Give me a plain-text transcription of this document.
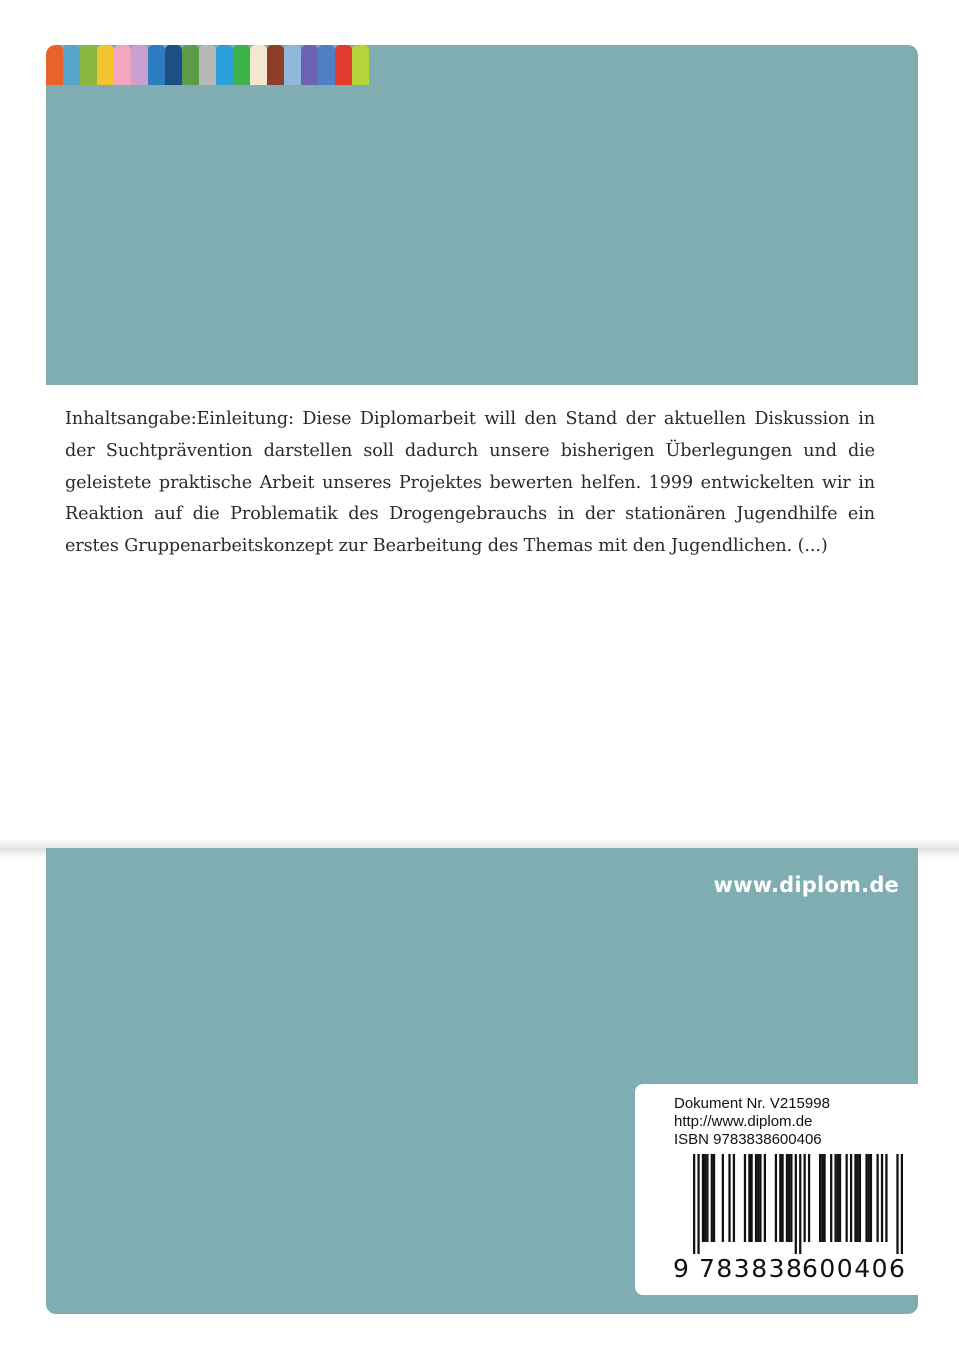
Inhaltsangabe:Einleitung: Diese Diplomarbeit will den Stand der aktuellen Diskussion in der Suchtprävention darstellen soll dadurch unsere bisherigen Überlegungen und die geleistete praktische Arbeit unseres Projektes bewerten helfen. 1999 entwickelten wir in Reaktion auf die Problematik des Drogengebrauchs in der stationären Jugendhilfe ein erstes Gruppenarbeitskonzept zur Bearbeitung des Themas mit den Jugendlichen. (...)

www.diplom.de

Dokument Nr. V215998

http://www.diplom.de

ISBN 9783838600406

9 783838600406
